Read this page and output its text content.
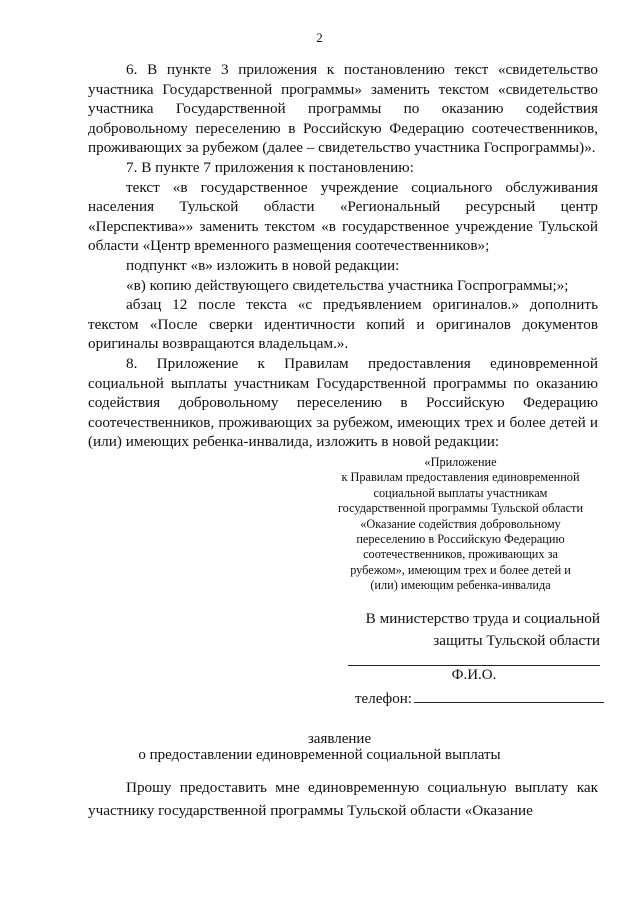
2

6. В пункте 3 приложения к постановлению текст «свидетельство участника Государственной программы» заменить текстом «свидетельство участника Государственной программы по оказанию содействия добровольному переселению в Российскую Федерацию соотечественников, проживающих за рубежом (далее – свидетельство участника Госпрограммы)».

7. В пункте 7 приложения к постановлению:

текст «в государственное учреждение социального обслуживания населения Тульской области «Региональный ресурсный центр «Перспектива»» заменить текстом «в государственное учреждение Тульской области «Центр временного размещения соотечественников»;

подпункт «в» изложить в новой редакции:

«в) копию действующего свидетельства участника Госпрограммы;»;

абзац 12 после текста «с предъявлением оригиналов.» дополнить текстом «После сверки идентичности копий и оригиналов документов оригиналы возвращаются владельцам.».

8. Приложение к Правилам предоставления единовременной социальной выплаты участникам Государственной программы по оказанию содействия добровольному переселению в Российскую Федерацию соотечественников, проживающих за рубежом, имеющих трех и более детей и (или) имеющих ребенка-инвалида, изложить в новой редакции:

«Приложение
к Правилам предоставления единовременной
социальной выплаты участникам
государственной программы Тульской области
«Оказание содействия добровольному
переселению в Российскую Федерацию
соотечественников, проживающих за
рубежом», имеющим трех и более детей и
(или) имеющим ребенка-инвалида
В министерство труда и социальной
защиты Тульской области
Ф.И.О.
телефон:
заявление
о предоставлении единовременной социальной выплаты

Прошу предоставить мне единовременную социальную выплату как участнику государственной программы Тульской области «Оказание
